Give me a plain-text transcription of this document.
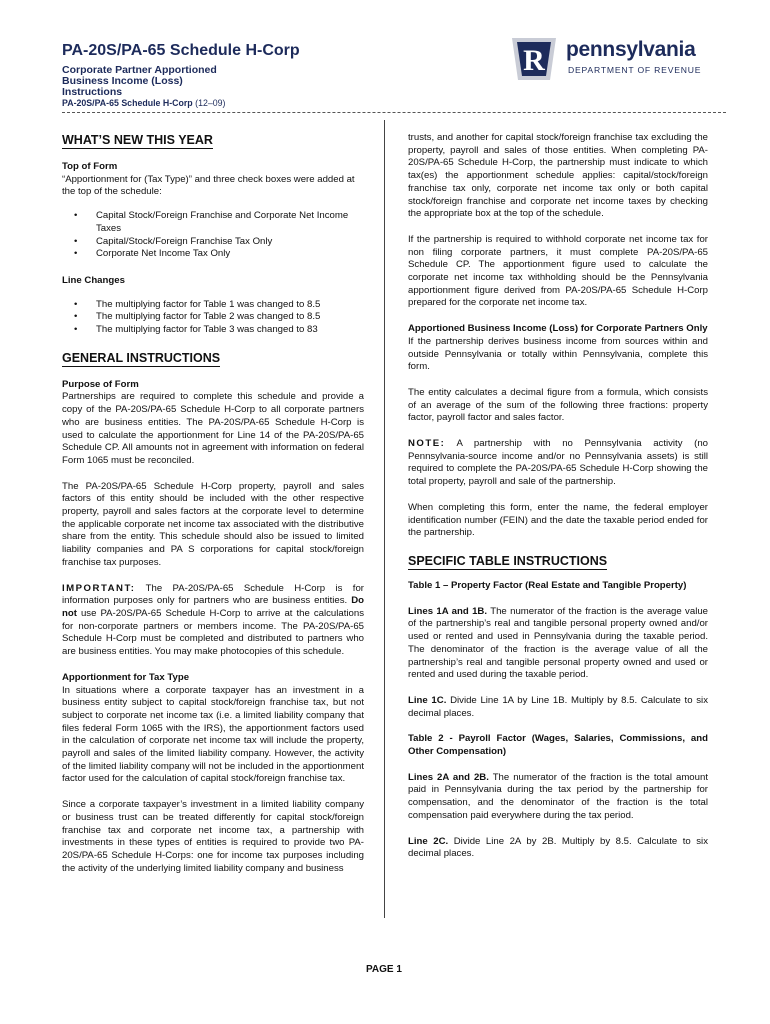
PA-20S/PA-65 Schedule H-Corp
Corporate Partner Apportioned
Business Income (Loss)
Instructions
PA-20S/PA-65 Schedule H-Corp (12–09)
R pennsylvania
DEPARTMENT OF REVENUE
WHAT’S NEW THIS YEAR

Top of Form

“Apportionment for (Tax Type)” and three check boxes were added at the top of the schedule:

• Capital Stock/Foreign Franchise and Corporate Net Income Taxes
• Capital/Stock/Foreign Franchise Tax Only
• Corporate Net Income Tax Only

Line Changes

• The multiplying factor for Table 1 was changed to 8.5
• The multiplying factor for Table 2 was changed to 8.5
• The multiplying factor for Table 3 was changed to 83
GENERAL INSTRUCTIONS

Purpose of Form

Partnerships are required to complete this schedule and provide a copy of the PA-20S/PA-65 Schedule H-Corp to all corporate partners who are business entities. The PA-20S/PA-65 Schedule H-Corp is used to calculate the apportionment for Line 14 of the PA-20S/PA-65 Schedule CP. All amounts not in agreement with information on federal Form 1065 must be reconciled.

The PA-20S/PA-65 Schedule H-Corp property, payroll and sales factors of this entity should be included with the other respective property, payroll and sales factors at the corporate level to determine the applicable corporate net income tax associated with the distributive share from the entity. This schedule should also be issued to limited liability companies and PA S corporations for capital stock/foreign franchise tax purposes.

IMPORTANT: The PA-20S/PA-65 Schedule H-Corp is for information purposes only for partners who are business entities. Do not use PA-20S/PA-65 Schedule H-Corp to arrive at the calculations for non-corporate partners or members income. The PA-20S/PA-65 Schedule H-Corp must be completed and distributed to partners who are business entities. You may make photocopies of this schedule.

Apportionment for Tax Type

In situations where a corporate taxpayer has an investment in a business entity subject to capital stock/foreign franchise tax, but not subject to corporate net income tax (i.e. a limited liability company that files federal Form 1065 with the IRS), the apportionment factors used in the calculation of corporate net income tax will include the property, payroll and sales of the limited liability company. However, the activity of the limited liability company will not be included in the apportionment factor used for the calculation of capital stock/foreign franchise tax.

Since a corporate taxpayer’s investment in a limited liability company or business trust can be treated differently for capital stock/foreign franchise tax and corporate net income tax, a partnership with investments in these types of entities is required to provide two PA-20S/PA-65 Schedule H-Corps: one for income tax purposes including the activity of the underlying limited liability company and business

trusts, and another for capital stock/foreign franchise tax excluding the property, payroll and sales of those entities. When completing PA-20S/PA-65 Schedule H-Corp, the partnership must indicate to which tax(es) the apportionment schedule applies: capital/stock/foreign franchise tax only, corporate net income tax only or both capital stock/foreign franchise and corporate net income taxes by checking the appropriate box at the top of the schedule.

If the partnership is required to withhold corporate net income tax for non filing corporate partners, it must complete PA-20S/PA-65 Schedule CP. The apportionment figure used to calculate the corporate net income tax withholding should be the Pennsylvania apportionment figure derived from PA-20S/PA-65 Schedule H-Corp prepared for the corporate net income tax.

Apportioned Business Income (Loss) for Corporate Partners Only

If the partnership derives business income from sources within and outside Pennsylvania or totally within Pennsylvania, complete this form.

The entity calculates a decimal figure from a formula, which consists of an average of the sum of the following three fractions: property factor, payroll factor and sales factor.

NOTE: A partnership with no Pennsylvania activity (no Pennsylvania-source income and/or no Pennsylvania assets) is still required to complete the PA-20S/PA-65 Schedule H-Corp showing the total property, payroll and sale of the partnership.

When completing this form, enter the name, the federal employer identification number (FEIN) and the date the taxable period ended for the partnership.

SPECIFIC TABLE INSTRUCTIONS

Table 1 – Property Factor (Real Estate and Tangible Property)

Lines 1A and 1B. The numerator of the fraction is the average value of the partnership’s real and tangible personal property owned and/or used or rented and used in Pennsylvania during the taxable period. The denominator of the fraction is the average value of all the partnership’s real and tangible personal property owned and used or rented and used during the taxable period.

Line 1C. Divide Line 1A by Line 1B. Multiply by 8.5. Calculate to six decimal places.

Table 2 - Payroll Factor (Wages, Salaries, Commissions, and Other Compensation)

Lines 2A and 2B. The numerator of the fraction is the total amount paid in Pennsylvania during the tax period by the partnership for compensation, and the denominator of the fraction is the total compensation paid everywhere during the tax period.

Line 2C. Divide Line 2A by 2B. Multiply by 8.5. Calculate to six decimal places.

PAGE 1
